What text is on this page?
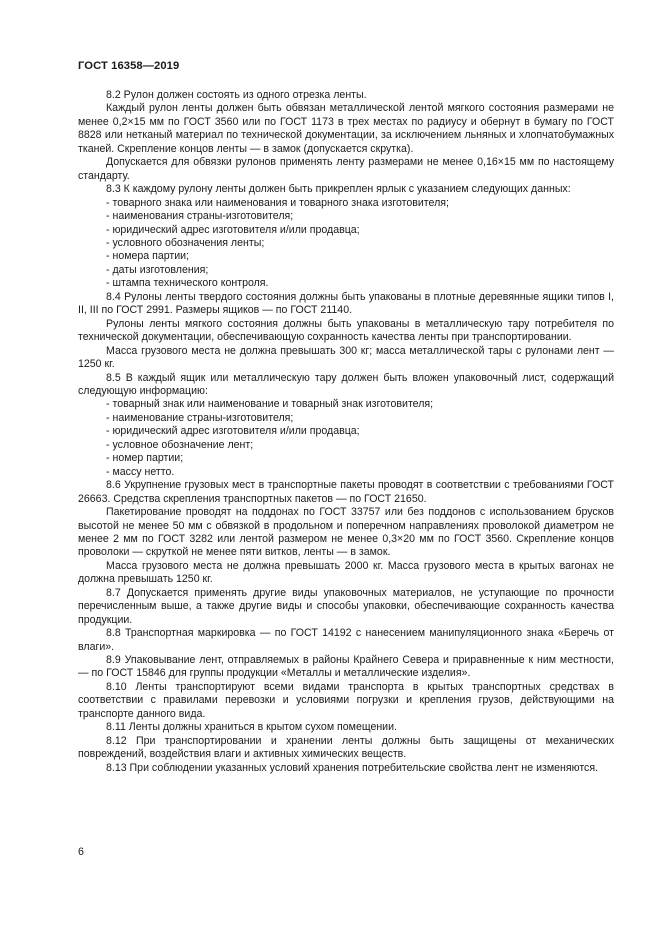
ГОСТ 16358—2019
8.2 Рулон должен состоять из одного отрезка ленты.
Каждый рулон ленты должен быть обвязан металлической лентой мягкого состояния размерами не менее 0,2×15 мм по ГОСТ 3560 или по ГОСТ 1173 в трех местах по радиусу и обернут в бумагу по ГОСТ 8828 или нетканый материал по технической документации, за исключением льняных и хлопчатобумажных тканей. Скрепление концов ленты — в замок (допускается скрутка).
Допускается для обвязки рулонов применять ленту размерами не менее 0,16×15 мм по настоящему стандарту.
8.3 К каждому рулону ленты должен быть прикреплен ярлык с указанием следующих данных:
- товарного знака или наименования и товарного знака изготовителя;
- наименования страны-изготовителя;
- юридический адрес изготовителя и/или продавца;
- условного обозначения ленты;
- номера партии;
- даты изготовления;
- штампа технического контроля.
8.4 Рулоны ленты твердого состояния должны быть упакованы в плотные деревянные ящики типов I, II, III по ГОСТ 2991. Размеры ящиков — по ГОСТ 21140.
Рулоны ленты мягкого состояния должны быть упакованы в металлическую тару потребителя по технической документации, обеспечивающую сохранность качества ленты при транспортировании.
Масса грузового места не должна превышать 300 кг; масса металлической тары с рулонами лент — 1250 кг.
8.5 В каждый ящик или металлическую тару должен быть вложен упаковочный лист, содержащий следующую информацию:
- товарный знак или наименование и товарный знак изготовителя;
- наименование страны-изготовителя;
- юридический адрес изготовителя и/или продавца;
- условное обозначение лент;
- номер партии;
- массу нетто.
8.6 Укрупнение грузовых мест в транспортные пакеты проводят в соответствии с требованиями ГОСТ 26663. Средства скрепления транспортных пакетов — по ГОСТ 21650.
Пакетирование проводят на поддонах по ГОСТ 33757 или без поддонов с использованием брусков высотой не менее 50 мм с обвязкой в продольном и поперечном направлениях проволокой диаметром не менее 2 мм по ГОСТ 3282 или лентой размером не менее 0,3×20 мм по ГОСТ 3560. Скрепление концов проволоки — скруткой не менее пяти витков, ленты — в замок.
Масса грузового места не должна превышать 2000 кг. Масса грузового места в крытых вагонах не должна превышать 1250 кг.
8.7 Допускается применять другие виды упаковочных материалов, не уступающие по прочности перечисленным выше, а также другие виды и способы упаковки, обеспечивающие сохранность качества продукции.
8.8 Транспортная маркировка — по ГОСТ 14192 с нанесением манипуляционного знака «Беречь от влаги».
8.9 Упаковывание лент, отправляемых в районы Крайнего Севера и приравненные к ним местности, — по ГОСТ 15846 для группы продукции «Металлы и металлические изделия».
8.10 Ленты транспортируют всеми видами транспорта в крытых транспортных средствах в соответствии с правилами перевозки и условиями погрузки и крепления грузов, действующими на транспорте данного вида.
8.11 Ленты должны храниться в крытом сухом помещении.
8.12 При транспортировании и хранении ленты должны быть защищены от механических повреждений, воздействия влаги и активных химических веществ.
8.13 При соблюдении указанных условий хранения потребительские свойства лент не изменяются.
6
